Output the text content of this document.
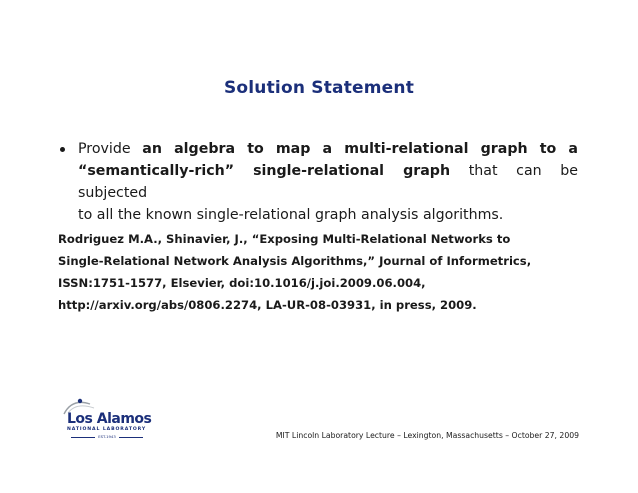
Solution Statement
Provide an algebra to map a multi-relational graph to a
“semantically-rich” single-relational graph that can be subjected
to all the known single-relational graph analysis algorithms.
Rodriguez M.A., Shinavier, J., “Exposing Multi-Relational Networks to
Single-Relational Network Analysis Algorithms,” Journal of Informetrics,
ISSN:1751-1577, Elsevier, doi:10.1016/j.joi.2009.06.004,
http://arxiv.org/abs/0806.2274, LA-UR-08-03931, in press, 2009.
Los Alamos
NATIONAL LABORATORY
EST.1943	MIT Lincoln Laboratory Lecture – Lexington, Massachusetts – October 27, 2009
